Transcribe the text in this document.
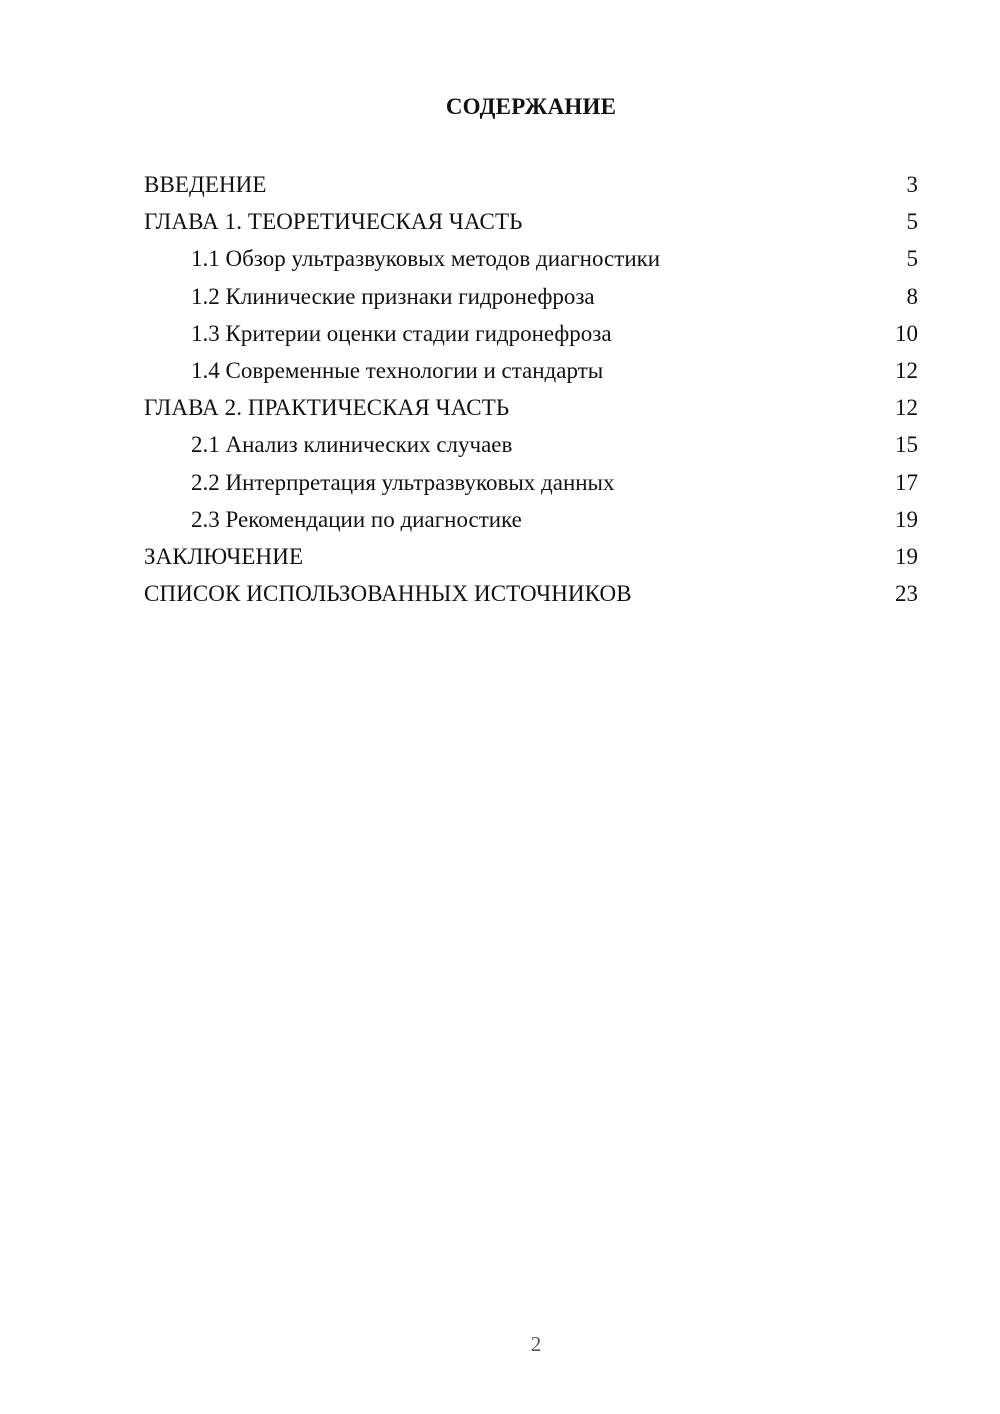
СОДЕРЖАНИЕ
ВВЕДЕНИЕ	3
ГЛАВА 1. ТЕОРЕТИЧЕСКАЯ ЧАСТЬ	5
1.1 Обзор ультразвуковых методов диагностики	5
1.2 Клинические признаки гидронефроза	8
1.3 Критерии оценки стадии гидронефроза	10
1.4 Современные технологии и стандарты	12
ГЛАВА 2. ПРАКТИЧЕСКАЯ ЧАСТЬ	12
2.1 Анализ клинических случаев	15
2.2 Интерпретация ультразвуковых данных	17
2.3 Рекомендации по диагностике	19
ЗАКЛЮЧЕНИЕ	19
СПИСОК ИСПОЛЬЗОВАННЫХ ИСТОЧНИКОВ	23
2
